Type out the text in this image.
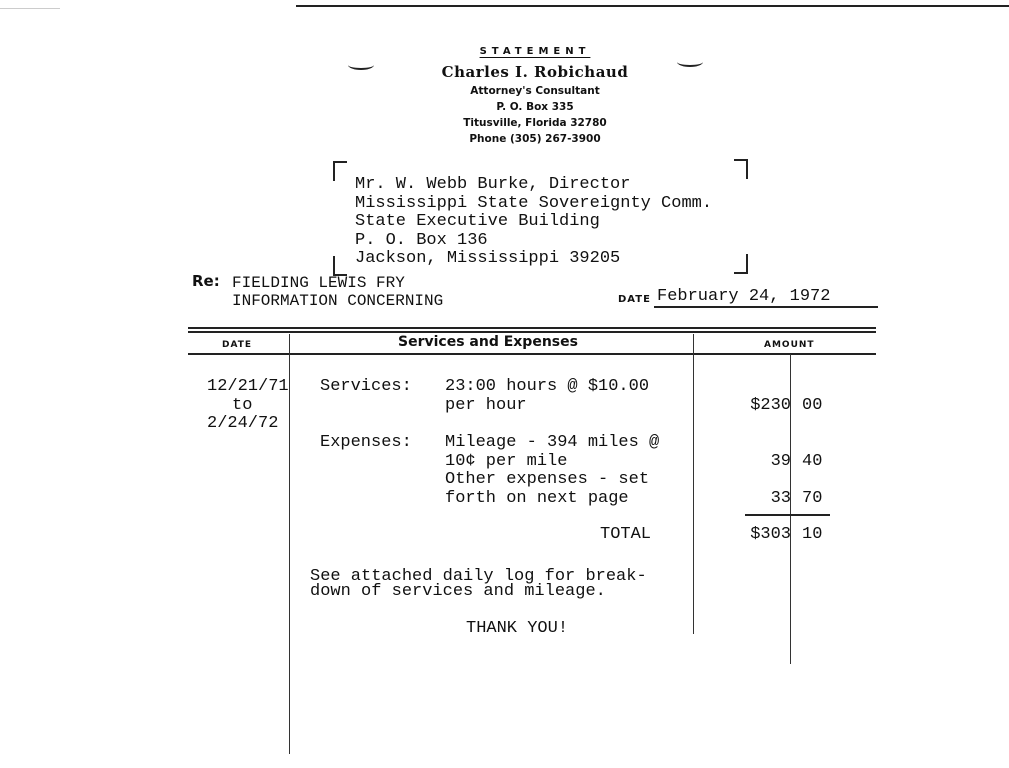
STATEMENT
Charles I. Robichaud
Attorney's Consultant
P. O. Box 335
Titusville, Florida 32780
Phone (305) 267-3900
Mr. W. Webb Burke, Director
Mississippi State Sovereignty Comm.
State Executive Building
P. O. Box 136
Jackson, Mississippi 39205
Re: FIELDING LEWIS FRY
INFORMATION CONCERNING	DATE February 24, 1972
DATE	Services and Expenses	AMOUNT
12/21/71
to
2/24/72
Services: 23:00 hours @ $10.00
per hour	$230 00
Expenses: Mileage - 394 miles @
10¢ per mile	39 40
Other expenses - set
forth on next page	33 70
TOTAL	$303 10
See attached daily log for break-
down of services and mileage.
THANK YOU!
